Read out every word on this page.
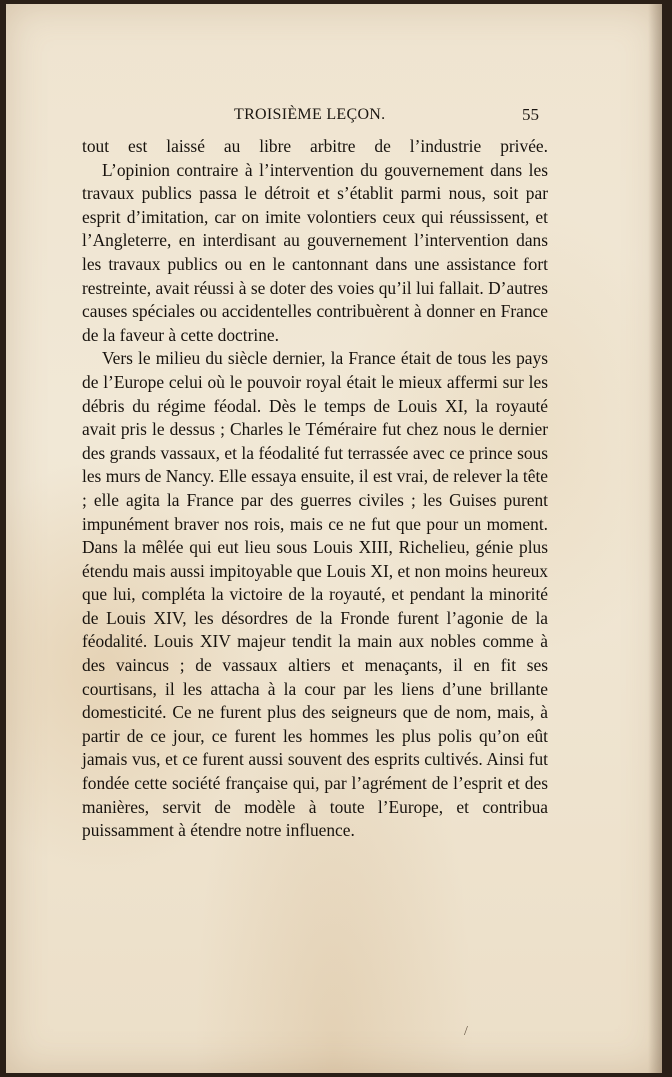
TROISIÈME LEÇON.	55

tout est laissé au libre arbitre de l’industrie privée.

L’opinion contraire à l’intervention du gouvernement dans les travaux publics passa le détroit et s’établit parmi nous, soit par esprit d’imitation, car on imite volontiers ceux qui réussissent, et l’Angleterre, en interdisant au gouvernement l’intervention dans les travaux publics ou en le cantonnant dans une assistance fort restreinte, avait réussi à se doter des voies qu’il lui fallait. D’autres causes spéciales ou accidentelles contribuèrent à donner en France de la faveur à cette doctrine.

Vers le milieu du siècle dernier, la France était de tous les pays de l’Europe celui où le pouvoir royal était le mieux affermi sur les débris du régime féodal. Dès le temps de Louis XI, la royauté avait pris le dessus ; Charles le Téméraire fut chez nous le dernier des grands vassaux, et la féodalité fut terrassée avec ce prince sous les murs de Nancy. Elle essaya ensuite, il est vrai, de relever la tête ; elle agita la France par des guerres civiles ; les Guises purent impunément braver nos rois, mais ce ne fut que pour un moment. Dans la mêlée qui eut lieu sous Louis XIII, Richelieu, génie plus étendu mais aussi impitoyable que Louis XI, et non moins heureux que lui, compléta la victoire de la royauté, et pendant la minorité de Louis XIV, les désordres de la Fronde furent l’agonie de la féodalité. Louis XIV majeur tendit la main aux nobles comme à des vaincus ; de vassaux altiers et menaçants, il en fit ses courtisans, il les attacha à la cour par les liens d’une brillante domesticité. Ce ne furent plus des seigneurs que de nom, mais, à partir de ce jour, ce furent les hommes les plus polis qu’on eût jamais vus, et ce furent aussi souvent des esprits cultivés. Ainsi fut fondée cette société française qui, par l’agrément de l’esprit et des manières, servit de modèle à toute l’Europe, et contribua puissamment à étendre notre influence.

/
